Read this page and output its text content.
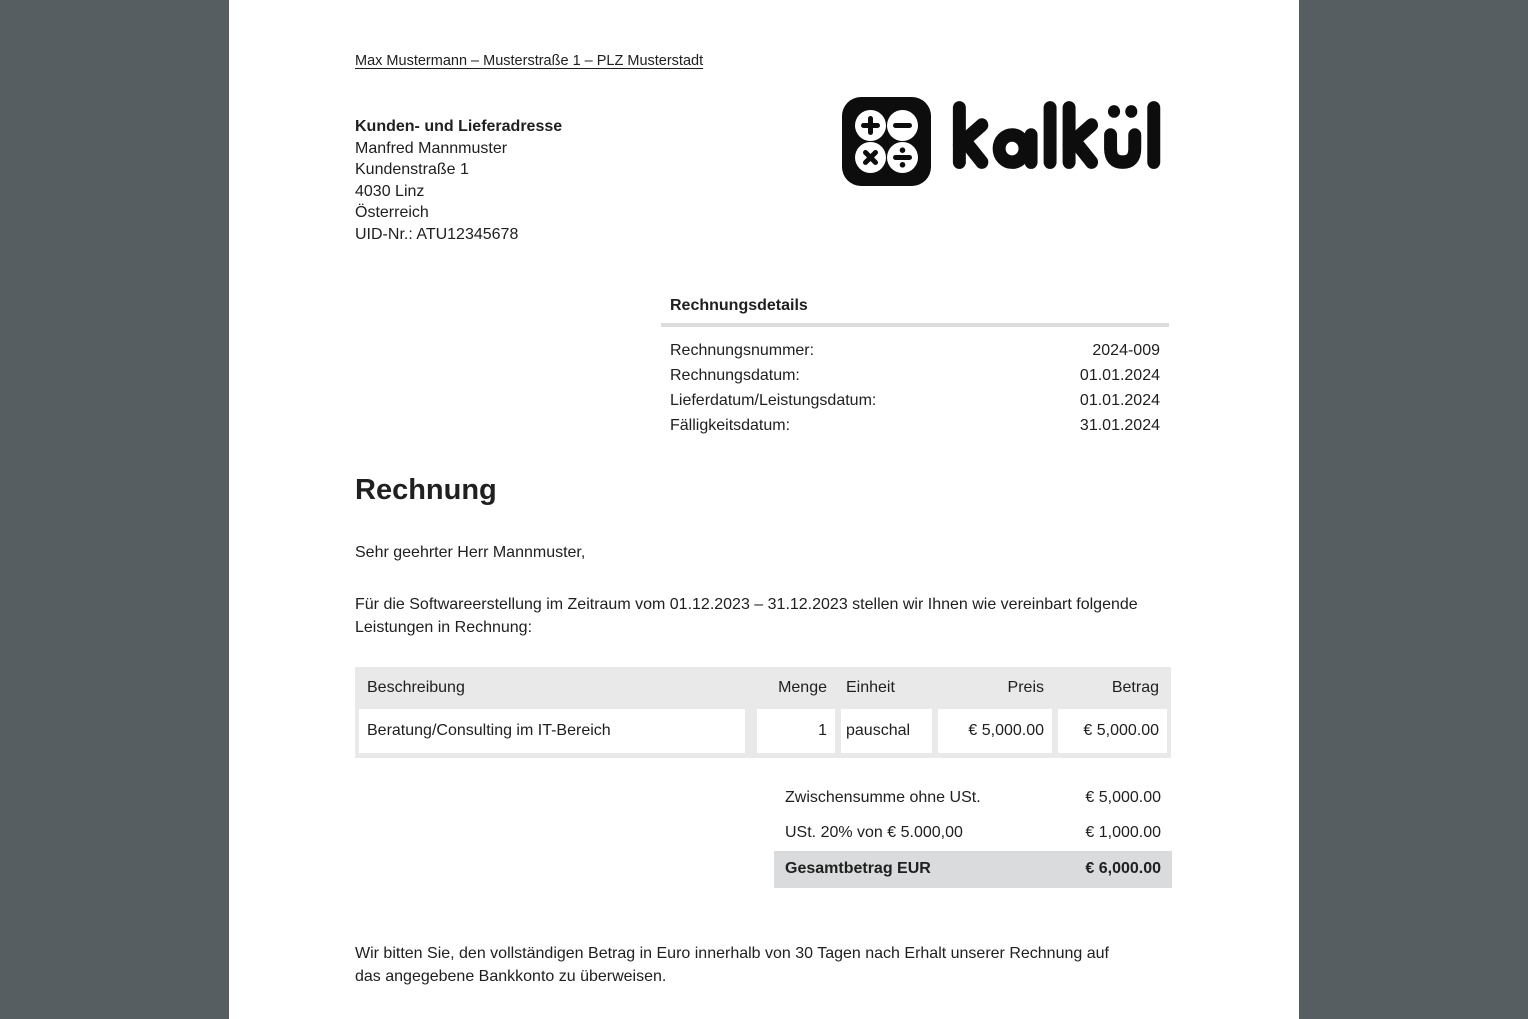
Max Mustermann – Musterstraße 1 – PLZ Musterstadt
Kunden- und Lieferadresse
Manfred Mannmuster
Kundenstraße 1
4030 Linz
Österreich
UID-Nr.: ATU12345678
Rechnungsdetails
Rechnungsnummer:	2024-009
Rechnungsdatum:	01.01.2024
Lieferdatum/Leistungsdatum:	01.01.2024
Fälligkeitsdatum:	31.01.2024
Rechnung
Sehr geehrter Herr Mannmuster,
Für die Softwareerstellung im Zeitraum vom 01.12.2023 – 31.12.2023 stellen wir Ihnen wie vereinbart folgende Leistungen in Rechnung:
Beschreibung	Menge	Einheit	Preis	Betrag
Beratung/Consulting im IT-Bereich	1	pauschal	€ 5,000.00	€ 5,000.00
Zwischensumme ohne USt.	€ 5,000.00
USt. 20% von € 5.000,00	€ 1,000.00
Gesamtbetrag EUR	€ 6,000.00
Wir bitten Sie, den vollständigen Betrag in Euro innerhalb von 30 Tagen nach Erhalt unserer Rechnung auf das angegebene Bankkonto zu überweisen.
